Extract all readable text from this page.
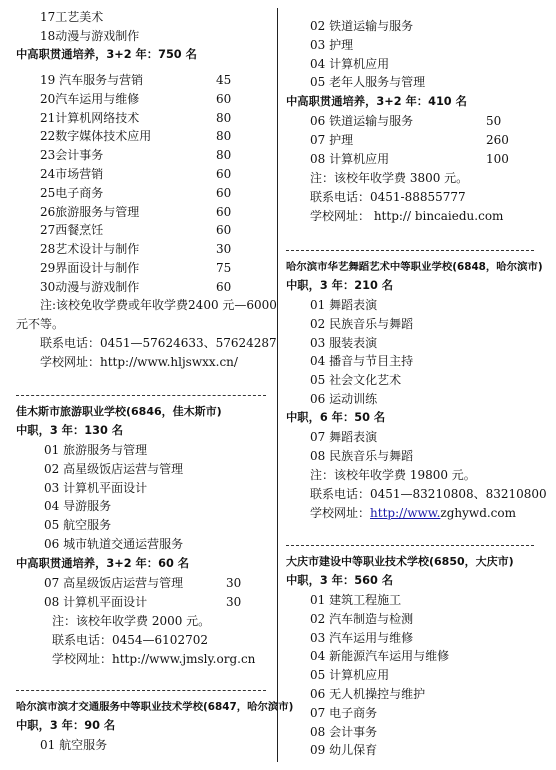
17工艺美术
18动漫与游戏制作
中高职贯通培养，3+2 年：750 名
19 汽车服务与营销	45
20汽车运用与维修	60
21计算机网络技术	80
22数字媒体技术应用	80
23会计事务	80
24市场营销	60
25电子商务	60
26旅游服务与管理	60
27西餐烹饪	60
28艺术设计与制作	30
29界面设计与制作	75
30动漫与游戏制作	60
注:该校免收学费或年收学费2400 元—6000
元不等。
联系电话：0451—57624633、57624287
学校网址：http://www.hljswxx.cn/
佳木斯市旅游职业学校(6846，佳木斯市)
中职，3 年：130 名
01 旅游服务与管理
02 高星级饭店运营与管理
03 计算机平面设计
04 导游服务
05 航空服务
06 城市轨道交通运营服务
中高职贯通培养，3+2 年：60 名
07 高星级饭店运营与管理	30
08 计算机平面设计	30
注：该校年收学费 2000 元。
联系电话：0454—6102702
学校网址：http://www.jmsly.org.cn
哈尔滨市滨才交通服务中等职业技术学校(6847，哈尔滨市)
中职，3 年：90 名
01 航空服务
02 铁道运输与服务
03 护理
04 计算机应用
05 老年人服务与管理
中高职贯通培养，3+2 年：410 名
06 铁道运输与服务	50
07 护理	260
08 计算机应用	100
注：该校年收学费 3800 元。
联系电话：0451-88855777
学校网址： http:// bincaiedu.com
哈尔滨市华艺舞蹈艺术中等职业学校(6848，哈尔滨市)
中职，3 年：210 名
01 舞蹈表演
02 民族音乐与舞蹈
03 服装表演
04 播音与节目主持
05 社会文化艺术
06 运动训练
中职，6 年：50 名
07 舞蹈表演
08 民族音乐与舞蹈
注：该校年收学费 19800 元。
联系电话：0451—83210808、83210800
学校网址：http://www.zghywd.com
大庆市建设中等职业技术学校(6850，大庆市)
中职，3 年：560 名
01 建筑工程施工
02 汽车制造与检测
03 汽车运用与维修
04 新能源汽车运用与维修
05 计算机应用
06 无人机操控与维护
07 电子商务
08 会计事务
09 幼儿保育
